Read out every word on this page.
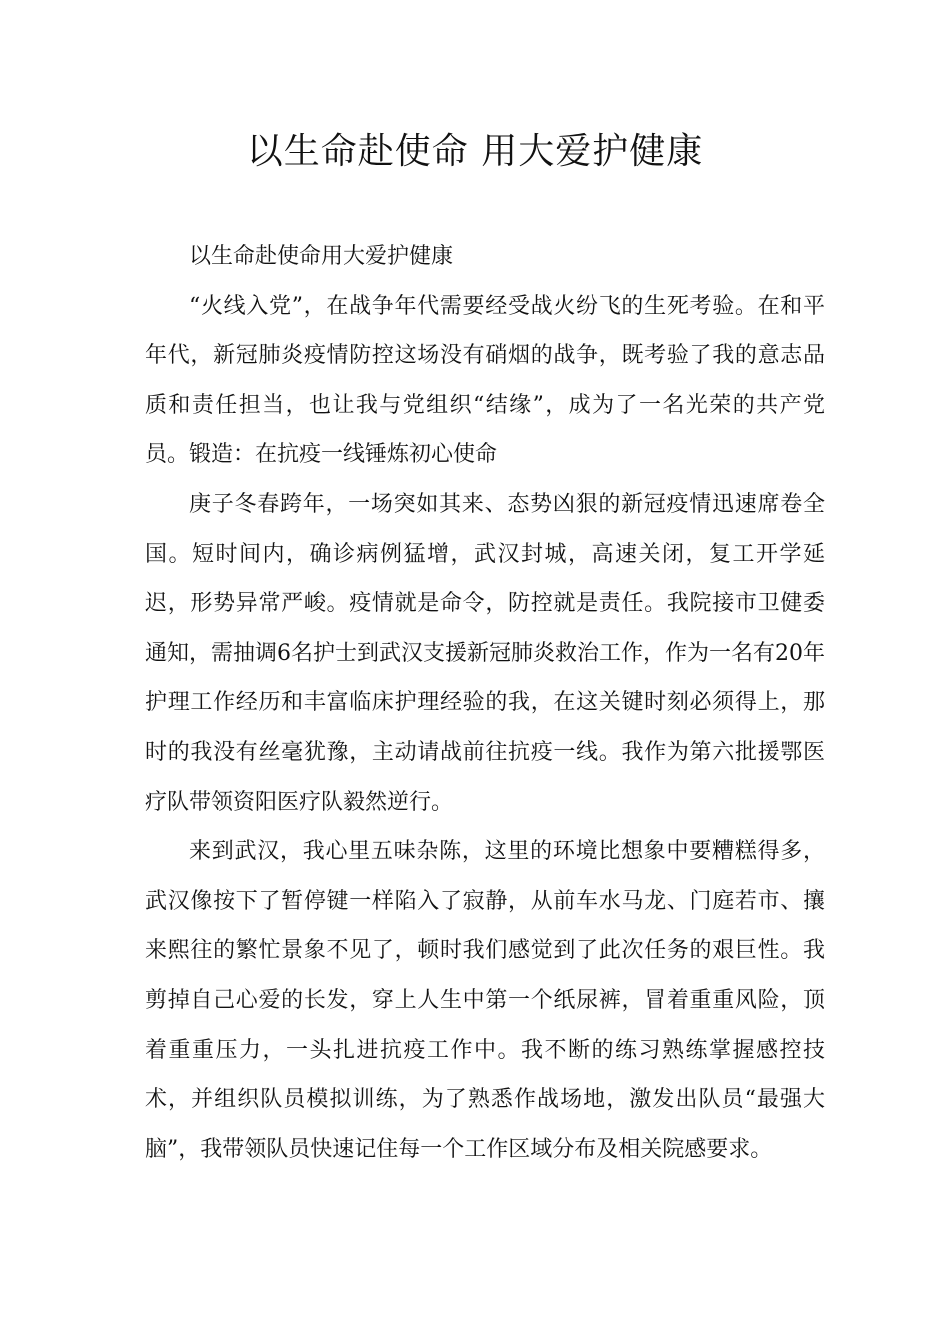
以生命赴使命 用大爱护健康

以生命赴使命用大爱护健康

“火线入党”，在战争年代需要经受战火纷飞的生死考验。在和平年代，新冠肺炎疫情防控这场没有硝烟的战争，既考验了我的意志品质和责任担当，也让我与党组织“结缘”，成为了一名光荣的共产党员。锻造：在抗疫一线锤炼初心使命

庚子冬春跨年，一场突如其来、态势凶狠的新冠疫情迅速席卷全国。短时间内，确诊病例猛增，武汉封城，高速关闭，复工开学延迟，形势异常严峻。疫情就是命令，防控就是责任。我院接市卫健委通知，需抽调6名护士到武汉支援新冠肺炎救治工作，作为一名有20年护理工作经历和丰富临床护理经验的我，在这关键时刻必须得上，那时的我没有丝毫犹豫，主动请战前往抗疫一线。我作为第六批援鄂医疗队带领资阳医疗队毅然逆行。

来到武汉，我心里五味杂陈，这里的环境比想象中要糟糕得多，武汉像按下了暂停键一样陷入了寂静，从前车水马龙、门庭若市、攘来熙往的繁忙景象不见了，顿时我们感觉到了此次任务的艰巨性。我剪掉自己心爱的长发，穿上人生中第一个纸尿裤，冒着重重风险，顶着重重压力，一头扎进抗疫工作中。我不断的练习熟练掌握感控技术，并组织队员模拟训练，为了熟悉作战场地，激发出队员“最强大脑”，我带领队员快速记住每一个工作区域分布及相关院感要求。
